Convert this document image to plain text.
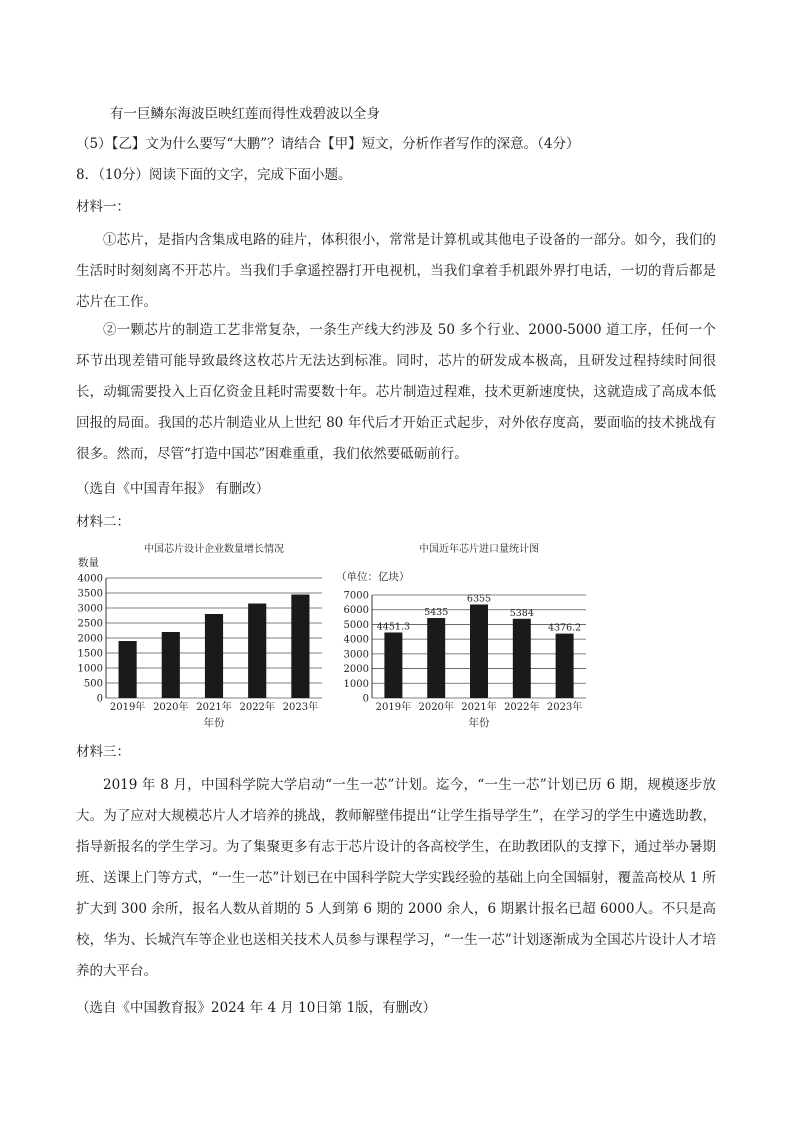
有一巨鳞东海波臣映红莲而得性戏碧波以全身
（5）【乙】文为什么要写“大鹏”？请结合【甲】短文，分析作者写作的深意。（4分）
8．（10分）阅读下面的文字，完成下面小题。
材料一：

①芯片，是指内含集成电路的硅片，体积很小，常常是计算机或其他电子设备的一部分。如今，我们的生活时时刻刻离不开芯片。当我们手拿遥控器打开电视机，当我们拿着手机跟外界打电话，一切的背后都是芯片在工作。

②一颗芯片的制造工艺非常复杂，一条生产线大约涉及 50 多个行业、2000-5000 道工序，任何一个环节出现差错可能导致最终这枚芯片无法达到标准。同时，芯片的研发成本极高，且研发过程持续时间很长，动辄需要投入上百亿资金且耗时需要数十年。芯片制造过程难，技术更新速度快，这就造成了高成本低回报的局面。我国的芯片制造业从上世纪 80 年代后才开始正式起步，对外依存度高，要面临的技术挑战有很多。然而，尽管“打造中国芯”困难重重，我们依然要砥砺前行。

（选自《中国青年报》 有删改）
材料二：
中国芯片设计企业数量增长情况
数量
0
500
1000
1500
2000
2500
3000
3500
4000
2019年 2020年 2021年 2022年 2023年
年份
中国近年芯片进口量统计图
（单位：亿块）
0
1000
2000
3000
4000
5000
6000
7000
2019年
4451.3
2020年
5435
2021年
6355
2022年
5384
2023年
4376.2
年份
材料三：

2019 年 8 月，中国科学院大学启动“一生一芯”计划。迄今，“一生一芯”计划已历 6 期，规模逐步放大。为了应对大规模芯片人才培养的挑战，教师解壁伟提出“让学生指导学生”，在学习的学生中遴选助教，指导新报名的学生学习。为了集聚更多有志于芯片设计的各高校学生，在助教团队的支撑下，通过举办暑期班、送课上门等方式，“一生一芯”计划已在中国科学院大学实践经验的基础上向全国辐射，覆盖高校从 1 所扩大到 300 余所，报名人数从首期的 5 人到第 6 期的 2000 余人，6 期累计报名已超 6000人。不只是高校，华为、长城汽车等企业也送相关技术人员参与课程学习，“一生一芯”计划逐渐成为全国芯片设计人才培养的大平台。

（选自《中国教育报》2024 年 4 月 10日第 1版，有删改）
